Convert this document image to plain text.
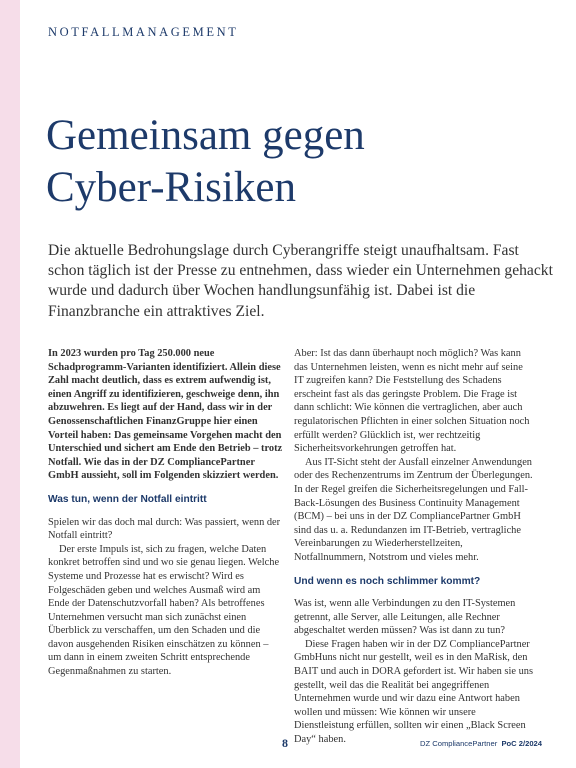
NOTFALLMANAGEMENT
Gemeinsam gegen
Cyber-Risiken

Die aktuelle Bedrohungslage durch Cyberangriffe steigt unaufhaltsam. Fast schon täglich ist der Presse zu entnehmen, dass wieder ein Unternehmen gehackt wurde und dadurch über Wochen handlungsunfähig ist. Dabei ist die Finanzbranche ein attraktives Ziel.

In 2023 wurden pro Tag 250.000 neue Schadprogramm-Varianten identifiziert. Allein diese Zahl macht deutlich, dass es extrem aufwendig ist, einen Angriff zu identifizieren, geschweige denn, ihn abzuwehren. Es liegt auf der Hand, dass wir in der Genossenschaftlichen FinanzGruppe hier einen Vorteil haben: Das gemeinsame Vorgehen macht den Unterschied und sichert am Ende den Betrieb – trotz Notfall. Wie das in der DZ CompliancePartner GmbH aussieht, soll im Folgenden skizziert werden.

Was tun, wenn der Notfall eintritt

Spielen wir das doch mal durch: Was passiert, wenn der Notfall eintritt?

Der erste Impuls ist, sich zu fragen, welche Daten konkret betroffen sind und wo sie genau liegen. Welche Systeme und Prozesse hat es erwischt? Wird es Folgeschäden geben und welches Ausmaß wird am Ende der Datenschutzvorfall haben? Als betroffenes Unternehmen versucht man sich zunächst einen Überblick zu verschaffen, um den Schaden und die davon ausgehenden Risiken einschätzen zu können – um dann in einem zweiten Schritt entsprechende Gegenmaßnahmen zu starten.

Aber: Ist das dann überhaupt noch möglich? Was kann das Unternehmen leisten, wenn es nicht mehr auf seine IT zugreifen kann? Die Feststellung des Schadens erscheint fast als das geringste Problem. Die Frage ist dann schlicht: Wie können die vertraglichen, aber auch regulatorischen Pflichten in einer solchen Situation noch erfüllt werden? Glücklich ist, wer rechtzeitig Sicherheitsvorkehrungen getroffen hat.

Aus IT-Sicht steht der Ausfall einzelner Anwendungen oder des Rechenzentrums im Zentrum der Überlegungen. In der Regel greifen die Sicherheitsregelungen und Fall-Back-Lösungen des Business Continuity Management (BCM) – bei uns in der DZ CompliancePartner GmbH sind das u. a. Redundanzen im IT-Betrieb, vertragliche Vereinbarungen zu Wiederherstellzeiten, Notfallnummern, Notstrom und vieles mehr.

Und wenn es noch schlimmer kommt?

Was ist, wenn alle Verbindungen zu den IT-Systemen getrennt, alle Server, alle Leitungen, alle Rechner abgeschaltet werden müssen? Was ist dann zu tun?

Diese Fragen haben wir in der DZ CompliancePartner GmbHuns nicht nur gestellt, weil es in den MaRisk, den BAIT und auch in DORA gefordert ist. Wir haben sie uns gestellt, weil das die Realität bei angegriffenen Unternehmen wurde und wir dazu eine Antwort haben wollen und müssen: Wie können wir unsere Dienstleistung erfüllen, sollten wir einen „Black Screen Day“ haben.

8	DZ CompliancePartner PoC 2/2024
